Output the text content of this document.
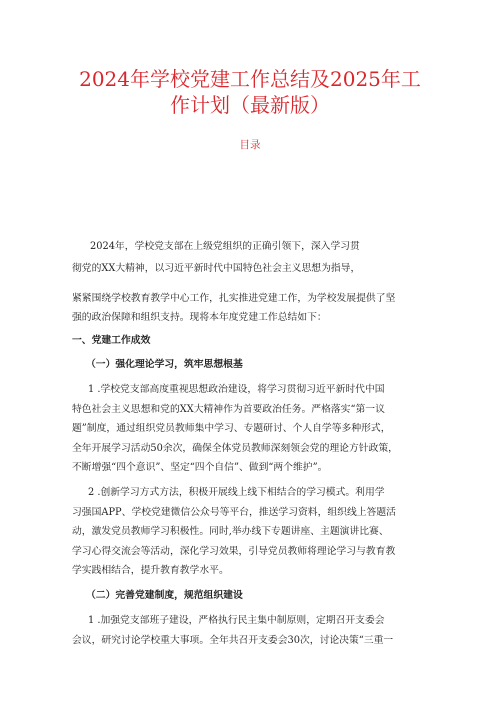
2024年学校党建工作总结及2025年工
作计划（最新版）
目录

2024年，学校党支部在上级党组织的正确引领下，深入学习贯

彻党的XX大精神，以习近平新时代中国特色社会主义思想为指导，

紧紧围绕学校教育教学中心工作，扎实推进党建工作，为学校发展提供了坚

强的政治保障和组织支持。现将本年度党建工作总结如下：

一、党建工作成效

（一）强化理论学习，筑牢思想根基

1 .学校党支部高度重视思想政治建设，将学习贯彻习近平新时代中国

特色社会主义思想和党的XX大精神作为首要政治任务。严格落实“第一议

题”制度，通过组织党员教师集中学习、专题研讨、个人自学等多种形式，

全年开展学习活动50余次，确保全体党员教师深刻领会党的理论方针政策，

不断增强“四个意识”、坚定“四个自信”、做到“两个维护”。

2 .创新学习方式方法，积极开展线上线下相结合的学习模式。利用学

习强国APP、学校党建微信公众号等平台，推送学习资料，组织线上答题活

动，激发党员教师学习积极性。同时,举办线下专题讲座、主题演讲比赛、

学习心得交流会等活动，深化学习效果，引导党员教师将理论学习与教育教

学实践相结合，提升教育教学水平。

（二）完善党建制度，规范组织建设

1 .加强党支部班子建设，严格执行民主集中制原则，定期召开支委会

会议，研究讨论学校重大事项。全年共召开支委会30次，讨论决策“三重一
